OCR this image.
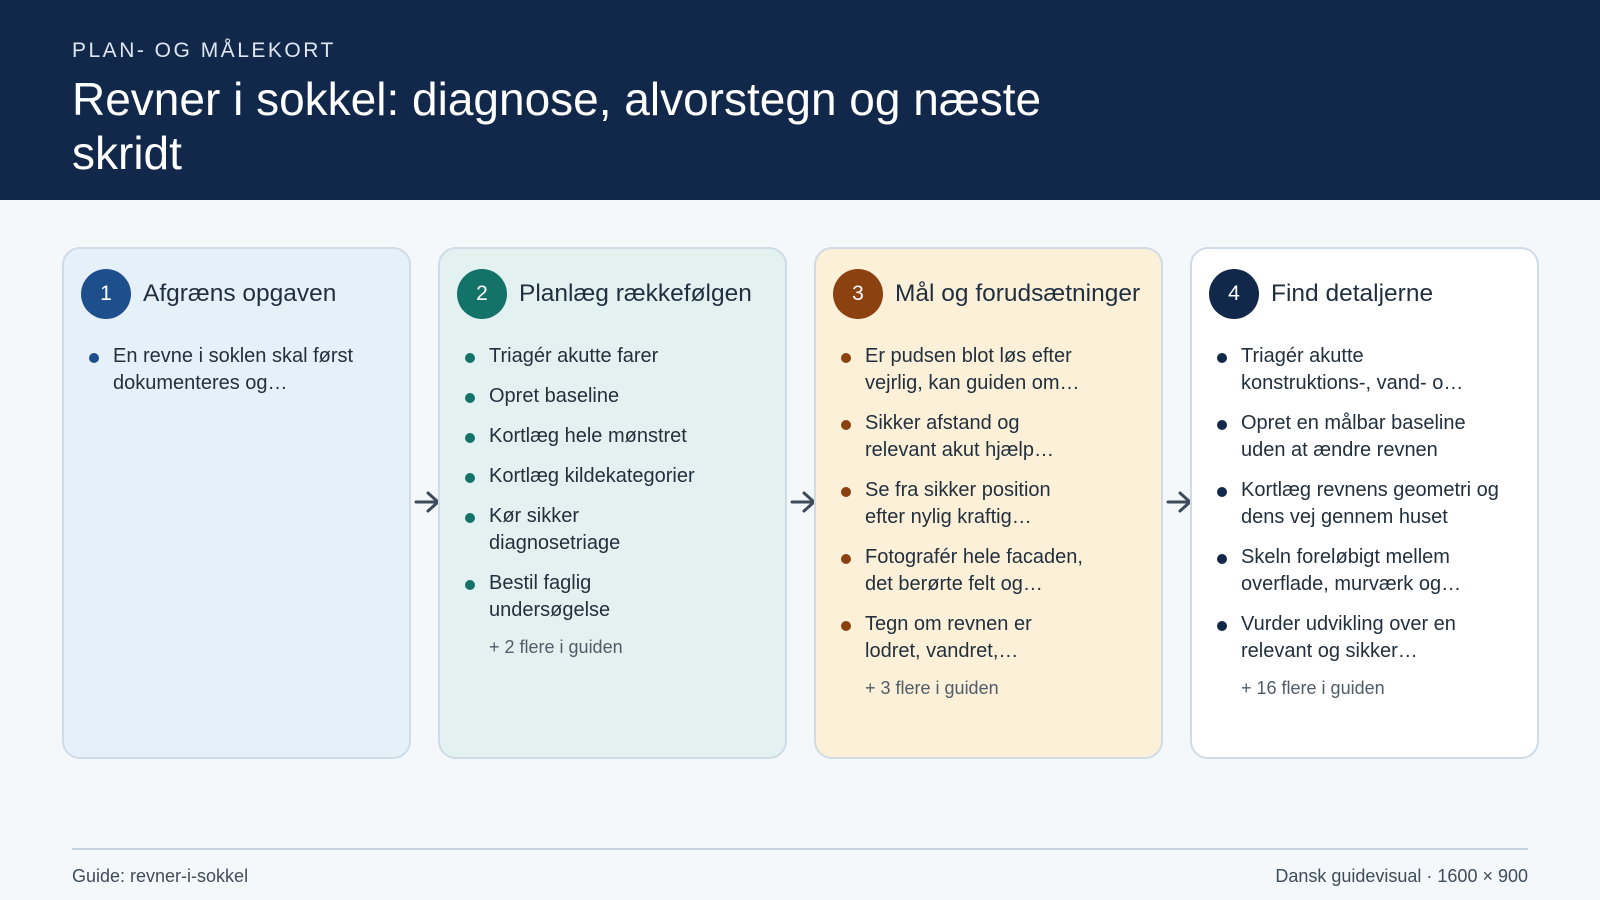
PLAN- OG MÅLEKORT
Revner i sokkel: diagnose, alvorstegn og næste skridt
1	Afgræns opgaven
En revne i soklen skal først dokumenteres og…
2	Planlæg rækkefølgen
Triagér akutte farer
Opret baseline
Kortlæg hele mønstret
Kortlæg kildekategorier
Kør sikker diagnosetriage
Bestil faglig undersøgelse
+ 2 flere i guiden
3	Mål og forudsætninger
Er pudsen blot løs efter vejrlig, kan guiden om…
Sikker afstand og relevant akut hjælp…
Se fra sikker position efter nylig kraftig…
Fotografér hele facaden, det berørte felt og…
Tegn om revnen er lodret, vandret,…
+ 3 flere i guiden
4	Find detaljerne
Triagér akutte konstruktions-, vand- o…
Opret en målbar baseline uden at ændre revnen
Kortlæg revnens geometri og dens vej gennem huset
Skeln foreløbigt mellem overflade, murværk og…
Vurder udvikling over en relevant og sikker…
+ 16 flere i guiden
Guide: revner-i-sokkel	Dansk guidevisual · 1600 × 900
